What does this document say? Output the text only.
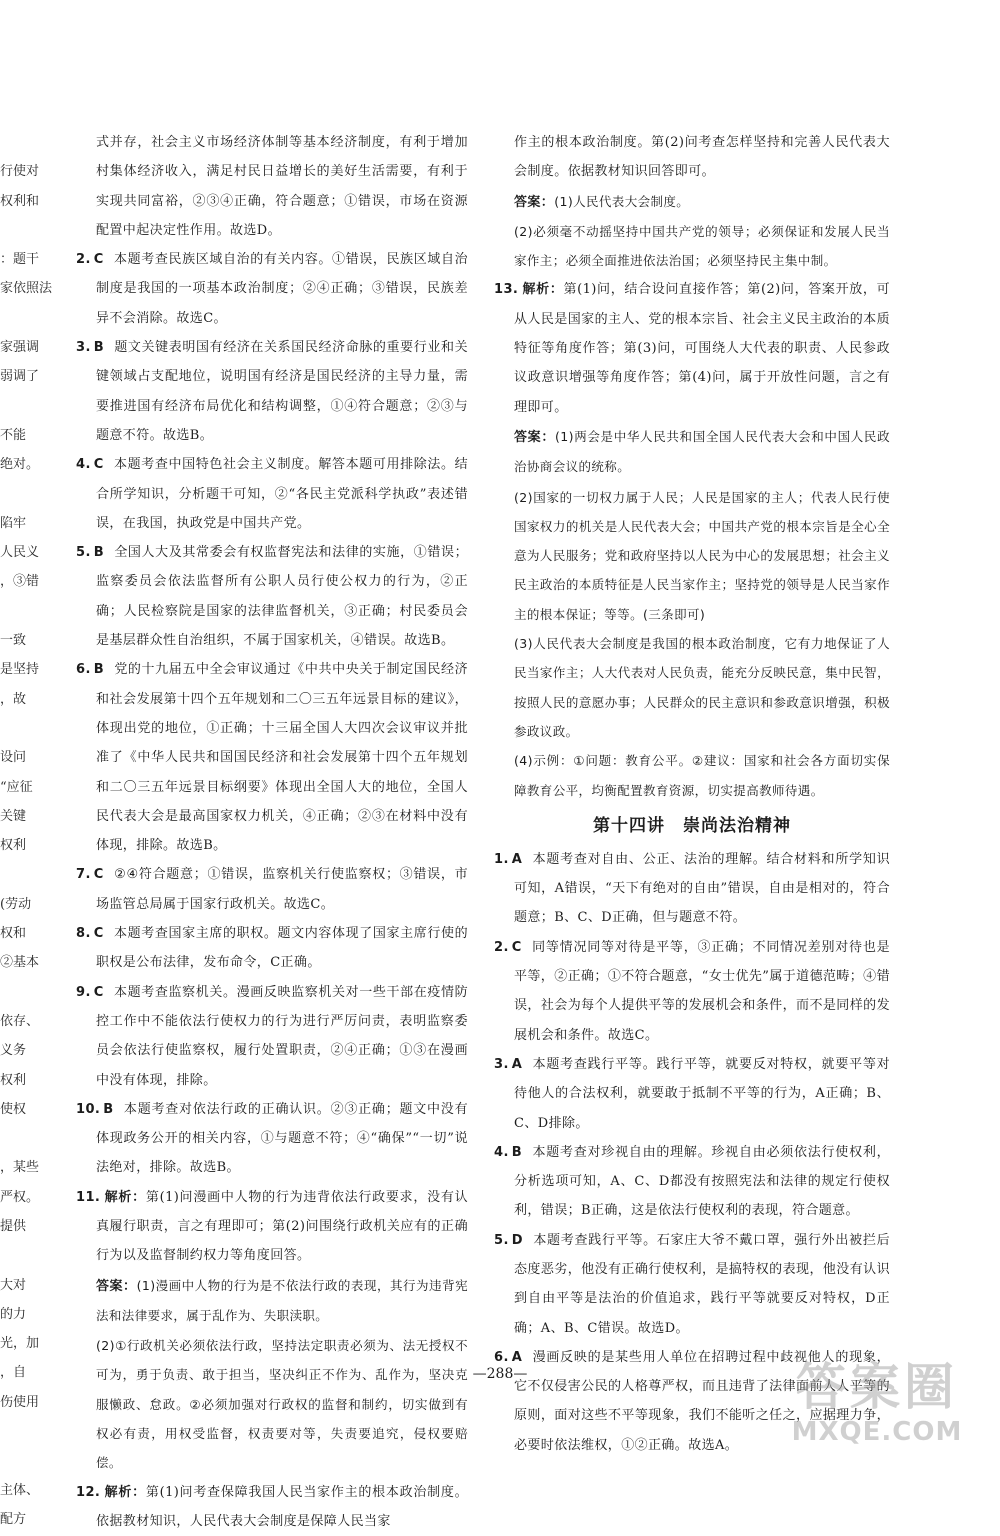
行使对
权利和
：题干
家依照法
家强调
弱调了
不能
绝对。
陷牢
人民义
，③错
一致
是坚持
，故
设问
“应征
关键
权利
(劳动
权和
②基本
依存、
义务
权利
使权
，某些
严权。
提供
大对
的力
光，加
，自
伤使用
主体、
配方

式并存，社会主义市场经济体制等基本经济制度，有利于增加村集体经济收入，满足村民日益增长的美好生活需要，有利于实现共同富裕，②③④正确，符合题意；①错误，市场在资源配置中起决定性作用。故选D。

2. C 本题考查民族区域自治的有关内容。①错误，民族区域自治制度是我国的一项基本政治制度；②④正确；③错误，民族差异不会消除。故选C。

3. B 题文关键表明国有经济在关系国民经济命脉的重要行业和关键领域占支配地位，说明国有经济是国民经济的主导力量，需要推进国有经济布局优化和结构调整，①④符合题意；②③与题意不符。故选B。

4. C 本题考查中国特色社会主义制度。解答本题可用排除法。结合所学知识，分析题干可知，②“各民主党派科学执政”表述错误，在我国，执政党是中国共产党。

5. B 全国人大及其常委会有权监督宪法和法律的实施，①错误；监察委员会依法监督所有公职人员行使公权力的行为，②正确；人民检察院是国家的法律监督机关，③正确；村民委员会是基层群众性自治组织，不属于国家机关，④错误。故选B。

6. B 党的十九届五中全会审议通过《中共中央关于制定国民经济和社会发展第十四个五年规划和二〇三五年远景目标的建议》，体现出党的地位，①正确；十三届全国人大四次会议审议并批准了《中华人民共和国国民经济和社会发展第十四个五年规划和二〇三五年远景目标纲要》体现出全国人大的地位，全国人民代表大会是最高国家权力机关，④正确；②③在材料中没有体现，排除。故选B。

7. C ②④符合题意；①错误，监察机关行使监察权；③错误，市场监管总局属于国家行政机关。故选C。

8. C 本题考查国家主席的职权。题文内容体现了国家主席行使的职权是公布法律，发布命令，C正确。

9. C 本题考查监察机关。漫画反映监察机关对一些干部在疫情防控工作中不能依法行使权力的行为进行严厉问责，表明监察委员会依法行使监察权，履行处置职责，②④正确；①③在漫画中没有体现，排除。

10. B 本题考查对依法行政的正确认识。②③正确；题文中没有体现政务公开的相关内容，①与题意不符；④“确保”“一切”说法绝对，排除。故选B。

11. 解析：第(1)问漫画中人物的行为违背依法行政要求，没有认真履行职责，言之有理即可；第(2)问围绕行政机关应有的正确行为以及监督制约权力等角度回答。

答案：(1)漫画中人物的行为是不依法行政的表现，其行为违背宪法和法律要求，属于乱作为、失职渎职。

(2)①行政机关必须依法行政，坚持法定职责必须为、法无授权不可为，勇于负责、敢于担当，坚决纠正不作为、乱作为，坚决克服懒政、怠政。②必须加强对行政权的监督和制约，切实做到有权必有责，用权受监督，权责要对等，失责要追究，侵权要赔偿。

12. 解析：第(1)问考查保障我国人民当家作主的根本政治制度。依据教材知识，人民代表大会制度是保障人民当家

作主的根本政治制度。第(2)问考查怎样坚持和完善人民代表大会制度。依据教材知识回答即可。

答案：(1)人民代表大会制度。

(2)必须毫不动摇坚持中国共产党的领导；必须保证和发展人民当家作主；必须全面推进依法治国；必须坚持民主集中制。

13. 解析：第(1)问，结合设问直接作答；第(2)问，答案开放，可从人民是国家的主人、党的根本宗旨、社会主义民主政治的本质特征等角度作答；第(3)问，可围绕人大代表的职责、人民参政议政意识增强等角度作答；第(4)问，属于开放性问题，言之有理即可。

答案：(1)两会是中华人民共和国全国人民代表大会和中国人民政治协商会议的统称。

(2)国家的一切权力属于人民；人民是国家的主人；代表人民行使国家权力的机关是人民代表大会；中国共产党的根本宗旨是全心全意为人民服务；党和政府坚持以人民为中心的发展思想；社会主义民主政治的本质特征是人民当家作主；坚持党的领导是人民当家作主的根本保证；等等。(三条即可)

(3)人民代表大会制度是我国的根本政治制度，它有力地保证了人民当家作主；人大代表对人民负责，能充分反映民意，集中民智，按照人民的意愿办事；人民群众的民主意识和参政意识增强，积极参政议政。

(4)示例：①问题：教育公平。②建议：国家和社会各方面切实保障教育公平，均衡配置教育资源，切实提高教师待遇。

第十四讲 崇尚法治精神

1. A 本题考查对自由、公正、法治的理解。结合材料和所学知识可知，A错误，“天下有绝对的自由”错误，自由是相对的，符合题意；B、C、D正确，但与题意不符。

2. C 同等情况同等对待是平等，③正确；不同情况差别对待也是平等，②正确；①不符合题意，“女士优先”属于道德范畴；④错误，社会为每个人提供平等的发展机会和条件，而不是同样的发展机会和条件。故选C。

3. A 本题考查践行平等。践行平等，就要反对特权，就要平等对待他人的合法权利，就要敢于抵制不平等的行为，A正确；B、C、D排除。

4. B 本题考查对珍视自由的理解。珍视自由必须依法行使权利，分析选项可知，A、C、D都没有按照宪法和法律的规定行使权利，错误；B正确，这是依法行使权利的表现，符合题意。

5. D 本题考查践行平等。石家庄大爷不戴口罩，强行外出被拦后态度恶劣，他没有正确行使权利，是搞特权的表现，他没有认识到自由平等是法治的价值追求，践行平等就要反对特权，D正确；A、B、C错误。故选D。

6. A 漫画反映的是某些用人单位在招聘过程中歧视他人的现象，它不仅侵害公民的人格尊严权，而且违背了法律面前人人平等的原则，面对这些不平等现象，我们不能听之任之，应据理力争，必要时依法维权，①②正确。故选A。

—288—	答案圈
MXQE.COM
